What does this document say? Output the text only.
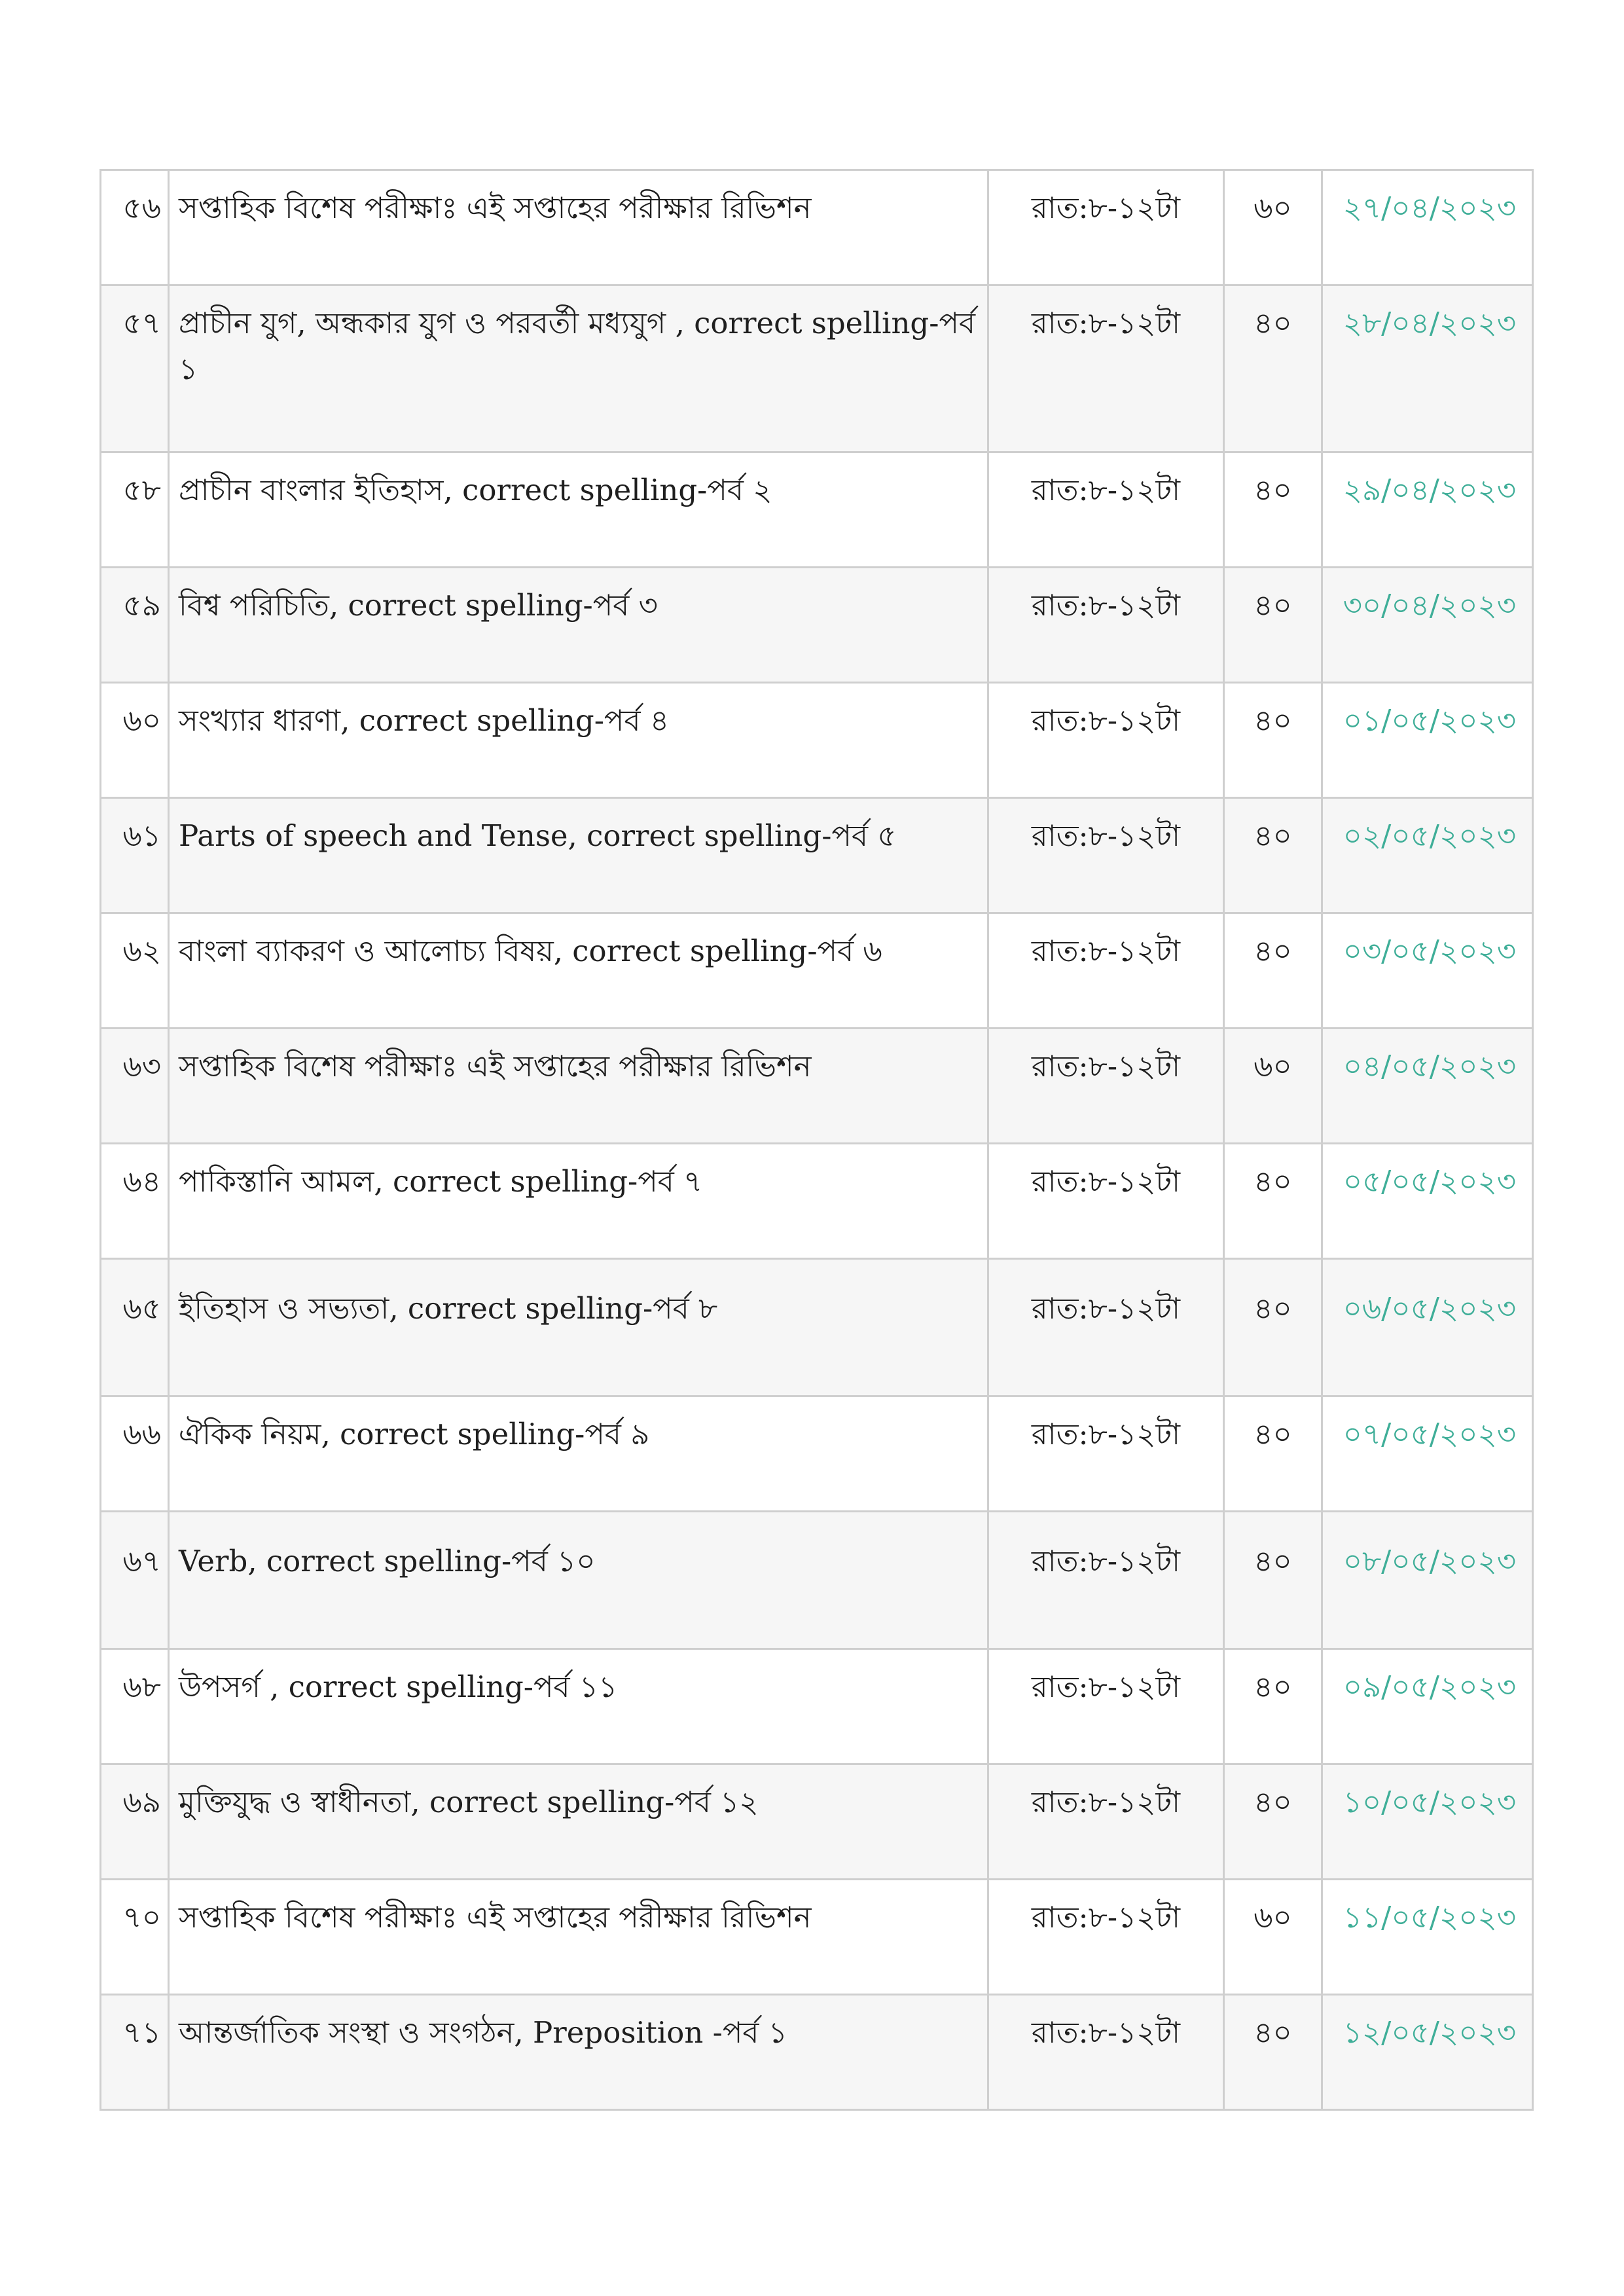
৫৬	সপ্তাহিক বিশেষ পরীক্ষাঃ এই সপ্তাহের পরীক্ষার রিভিশন	রাত:৮-১২টা	৬০	২৭/০৪/২০২৩
৫৭	প্রাচীন যুগ, অন্ধকার যুগ ও পরবর্তী মধ্যযুগ , correct spelling-পর্ব ১	রাত:৮-১২টা	৪০	২৮/০৪/২০২৩
৫৮	প্রাচীন বাংলার ইতিহাস, correct spelling-পর্ব ২	রাত:৮-১২টা	৪০	২৯/০৪/২০২৩
৫৯	বিশ্ব পরিচিতি, correct spelling-পর্ব ৩	রাত:৮-১২টা	৪০	৩০/০৪/২০২৩
৬০	সংখ্যার ধারণা, correct spelling-পর্ব ৪	রাত:৮-১২টা	৪০	০১/০৫/২০২৩
৬১	Parts of speech and Tense, correct spelling-পর্ব ৫	রাত:৮-১২টা	৪০	০২/০৫/২০২৩
৬২	বাংলা ব্যাকরণ ও আলোচ্য বিষয়, correct spelling-পর্ব ৬	রাত:৮-১২টা	৪০	০৩/০৫/২০২৩
৬৩	সপ্তাহিক বিশেষ পরীক্ষাঃ এই সপ্তাহের পরীক্ষার রিভিশন	রাত:৮-১২টা	৬০	০৪/০৫/২০২৩
৬৪	পাকিস্তানি আমল, correct spelling-পর্ব ৭	রাত:৮-১২টা	৪০	০৫/০৫/২০২৩
৬৫	ইতিহাস ও সভ্যতা, correct spelling-পর্ব ৮	রাত:৮-১২টা	৪০	০৬/০৫/২০২৩
৬৬	ঐকিক নিয়ম, correct spelling-পর্ব ৯	রাত:৮-১২টা	৪০	০৭/০৫/২০২৩
৬৭	Verb, correct spelling-পর্ব ১০	রাত:৮-১২টা	৪০	০৮/০৫/২০২৩
৬৮	উপসর্গ , correct spelling-পর্ব ১১	রাত:৮-১২টা	৪০	০৯/০৫/২০২৩
৬৯	মুক্তিযুদ্ধ ও স্বাধীনতা, correct spelling-পর্ব ১২	রাত:৮-১২টা	৪০	১০/০৫/২০২৩
৭০	সপ্তাহিক বিশেষ পরীক্ষাঃ এই সপ্তাহের পরীক্ষার রিভিশন	রাত:৮-১২টা	৬০	১১/০৫/২০২৩
৭১	আন্তর্জাতিক সংস্থা ও সংগঠন, Preposition -পর্ব ১	রাত:৮-১২টা	৪০	১২/০৫/২০২৩
